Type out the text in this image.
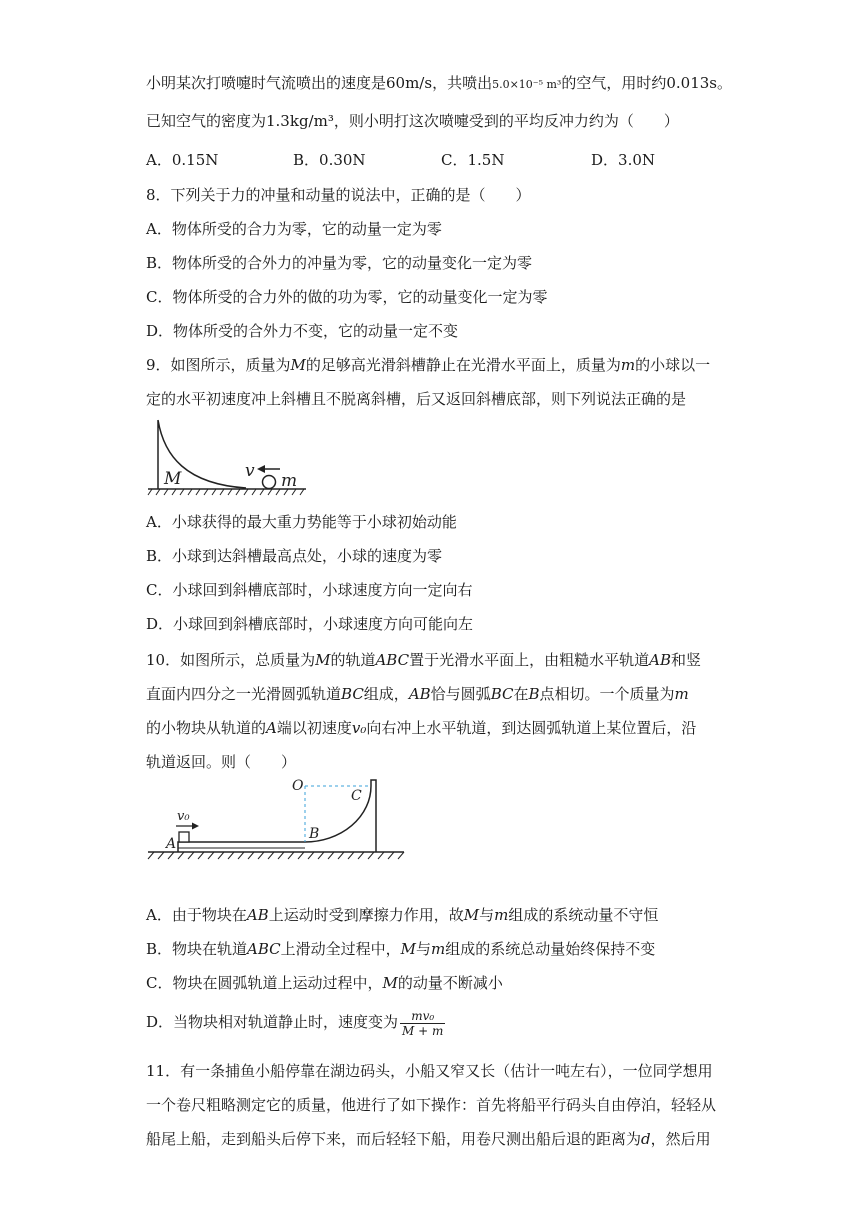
小明某次打喷嚏时气流喷出的速度是60m/s，共喷出5.0×10⁻⁵ m³的空气，用时约0.013s。
已知空气的密度为1.3kg/m³，则小明打这次喷嚏受到的平均反冲力约为（　　）
A．0.15N	B．0.30N	C．1.5N	D．3.0N
8．下列关于力的冲量和动量的说法中，正确的是（　　）
A．物体所受的合力为零，它的动量一定为零
B．物体所受的合外力的冲量为零，它的动量变化一定为零
C．物体所受的合力外的做的功为零，它的动量变化一定为零
D．物体所受的合外力不变，它的动量一定不变
9．如图所示，质量为M的足够高光滑斜槽静止在光滑水平面上，质量为m的小球以一
定的水平初速度冲上斜槽且不脱离斜槽，后又返回斜槽底部，则下列说法正确的是
M	v m
A．小球获得的最大重力势能等于小球初始动能
B．小球到达斜槽最高点处，小球的速度为零
C．小球回到斜槽底部时，小球速度方向一定向右
D．小球回到斜槽底部时，小球速度方向可能向左
10．如图所示，总质量为M的轨道ABC置于光滑水平面上，由粗糙水平轨道AB和竖
直面内四分之一光滑圆弧轨道BC组成，AB恰与圆弧BC在B点相切。一个质量为m
的小物块从轨道的A端以初速度v₀向右冲上水平轨道，到达圆弧轨道上某位置后，沿
轨道返回。则（　　）
v₀
A
B
O
C
A．由于物块在AB上运动时受到摩擦力作用，故M与m组成的系统动量不守恒
B．物块在轨道ABC上滑动全过程中，M与m组成的系统总动量始终保持不变
C．物块在圆弧轨道上运动过程中，M的动量不断减小
D．当物块相对轨道静止时，速度变为 $\frac{\text{mv₀}}{M + m}$
11．有一条捕鱼小船停靠在湖边码头，小船又窄又长（估计一吨左右），一位同学想用
一个卷尺粗略测定它的质量，他进行了如下操作：首先将船平行码头自由停泊，轻轻从
船尾上船，走到船头后停下来，而后轻轻下船，用卷尺测出船后退的距离为d，然后用
